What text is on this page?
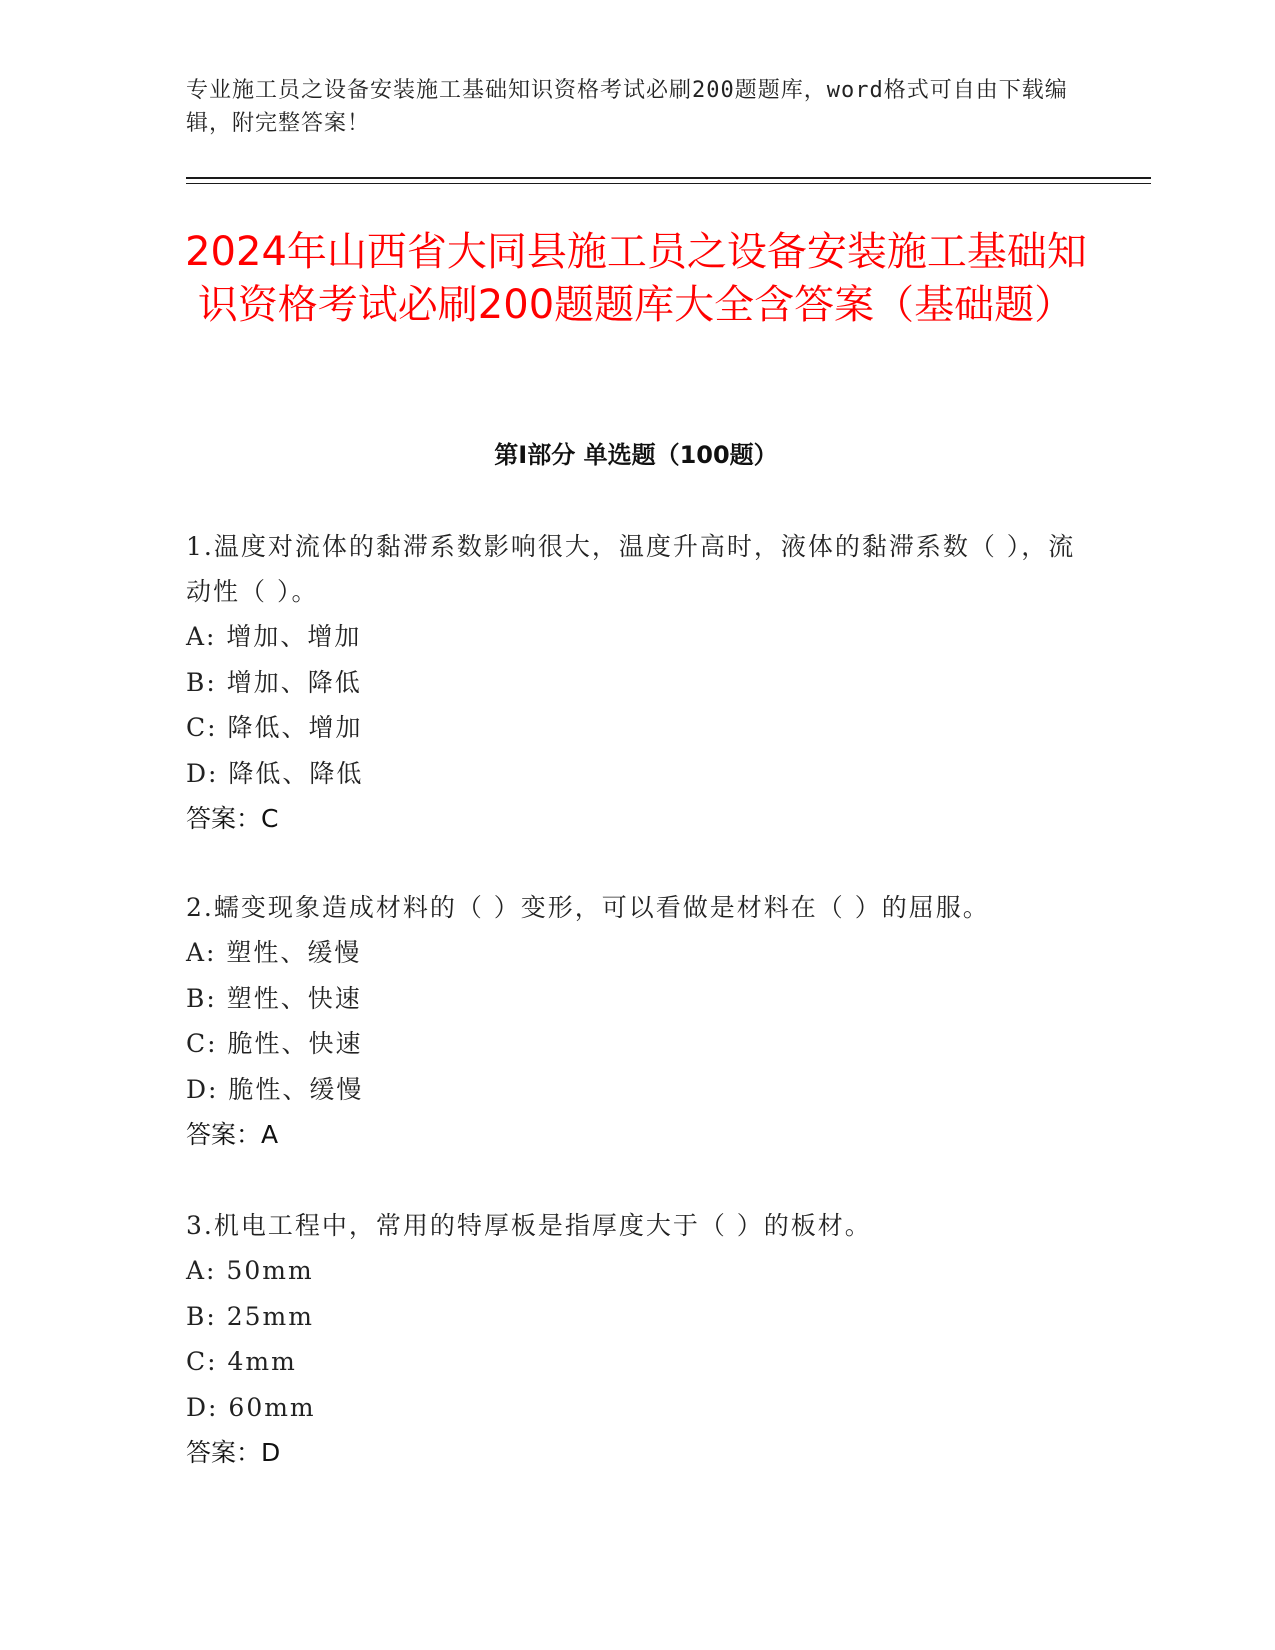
专业施工员之设备安装施工基础知识资格考试必刷200题题库，word格式可自由下载编辑，附完整答案！
2024年山西省大同县施工员之设备安装施工基础知识资格考试必刷200题题库大全含答案（基础题）
第Ⅰ部分 单选题（100题）
1.温度对流体的黏滞系数影响很大，温度升高时，液体的黏滞系数（ ），流动性（ ）。
A: 增加、增加
B: 增加、降低
C: 降低、增加
D: 降低、降低
答案：C
2.蠕变现象造成材料的（ ）变形，可以看做是材料在（ ）的屈服。
A: 塑性、缓慢
B: 塑性、快速
C: 脆性、快速
D: 脆性、缓慢
答案：A
3.机电工程中，常用的特厚板是指厚度大于（ ）的板材。
A: 50mm
B: 25mm
C: 4mm
D: 60mm
答案：D
